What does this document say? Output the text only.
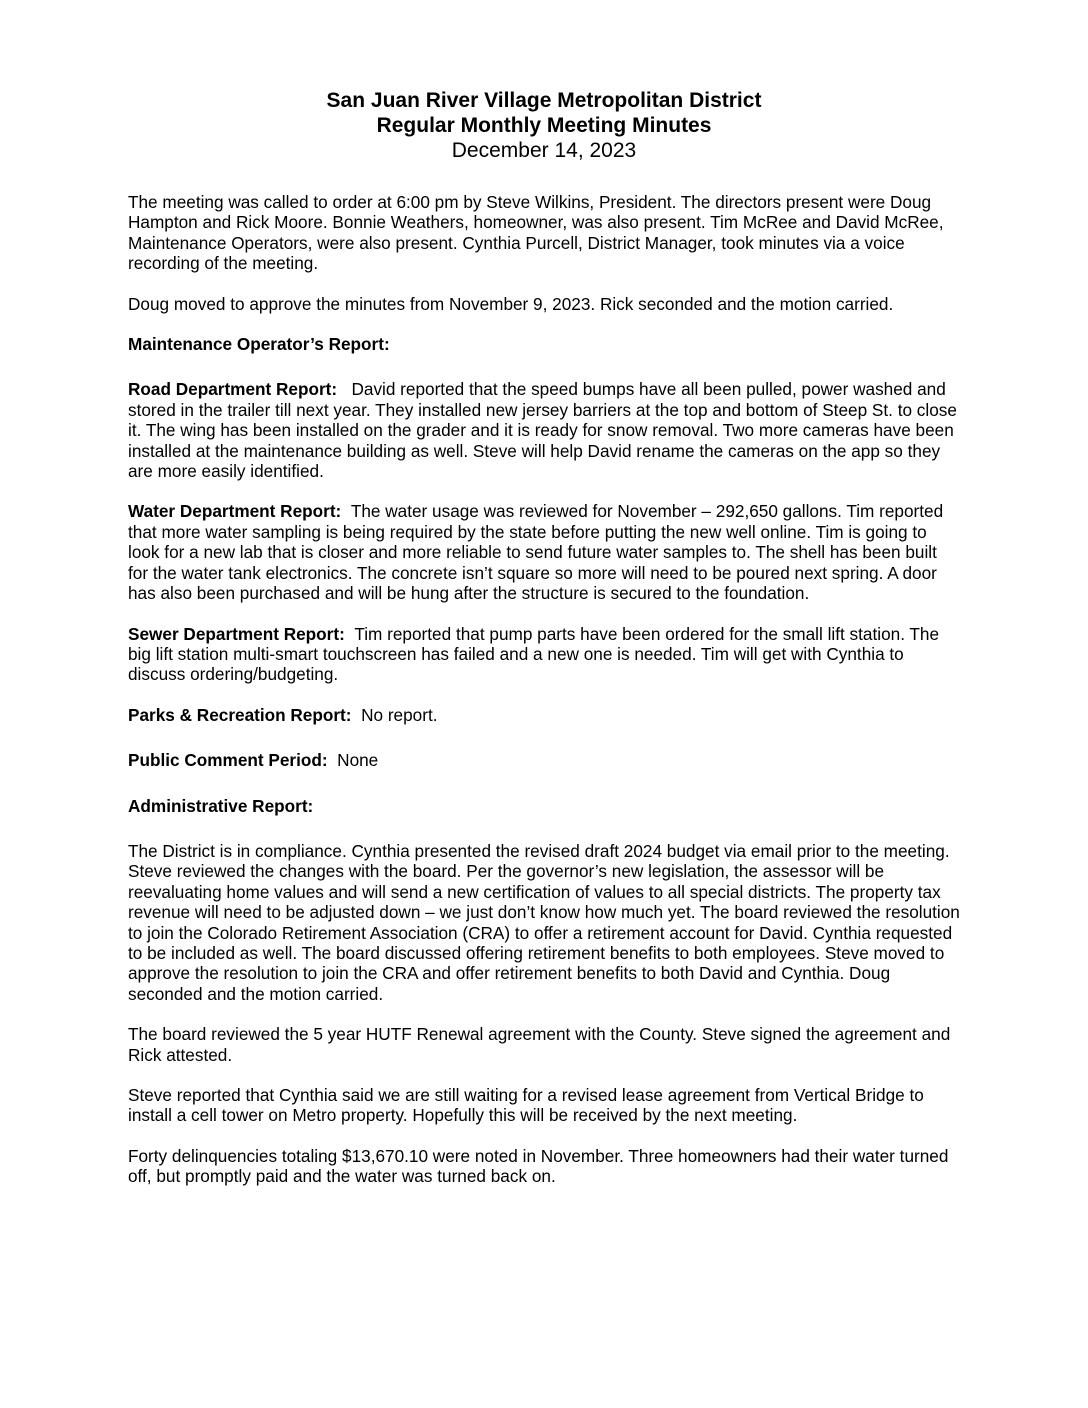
San Juan River Village Metropolitan District
Regular Monthly Meeting Minutes
December 14, 2023

The meeting was called to order at 6:00 pm by Steve Wilkins, President. The directors present were Doug Hampton and Rick Moore. Bonnie Weathers, homeowner, was also present. Tim McRee and David McRee, Maintenance Operators, were also present. Cynthia Purcell, District Manager, took minutes via a voice recording of the meeting.

Doug moved to approve the minutes from November 9, 2023. Rick seconded and the motion carried.

Maintenance Operator’s Report:

Road Department Report: David reported that the speed bumps have all been pulled, power washed and stored in the trailer till next year. They installed new jersey barriers at the top and bottom of Steep St. to close it. The wing has been installed on the grader and it is ready for snow removal. Two more cameras have been installed at the maintenance building as well. Steve will help David rename the cameras on the app so they are more easily identified.

Water Department Report: The water usage was reviewed for November – 292,650 gallons. Tim reported that more water sampling is being required by the state before putting the new well online. Tim is going to look for a new lab that is closer and more reliable to send future water samples to. The shell has been built for the water tank electronics. The concrete isn’t square so more will need to be poured next spring. A door has also been purchased and will be hung after the structure is secured to the foundation.

Sewer Department Report: Tim reported that pump parts have been ordered for the small lift station. The big lift station multi-smart touchscreen has failed and a new one is needed. Tim will get with Cynthia to discuss ordering/budgeting.

Parks & Recreation Report: No report.

Public Comment Period: None

Administrative Report:

The District is in compliance. Cynthia presented the revised draft 2024 budget via email prior to the meeting. Steve reviewed the changes with the board. Per the governor’s new legislation, the assessor will be reevaluating home values and will send a new certification of values to all special districts. The property tax revenue will need to be adjusted down – we just don’t know how much yet. The board reviewed the resolution to join the Colorado Retirement Association (CRA) to offer a retirement account for David. Cynthia requested to be included as well. The board discussed offering retirement benefits to both employees. Steve moved to approve the resolution to join the CRA and offer retirement benefits to both David and Cynthia. Doug seconded and the motion carried.

The board reviewed the 5 year HUTF Renewal agreement with the County. Steve signed the agreement and Rick attested.

Steve reported that Cynthia said we are still waiting for a revised lease agreement from Vertical Bridge to install a cell tower on Metro property. Hopefully this will be received by the next meeting.

Forty delinquencies totaling $13,670.10 were noted in November. Three homeowners had their water turned off, but promptly paid and the water was turned back on.
